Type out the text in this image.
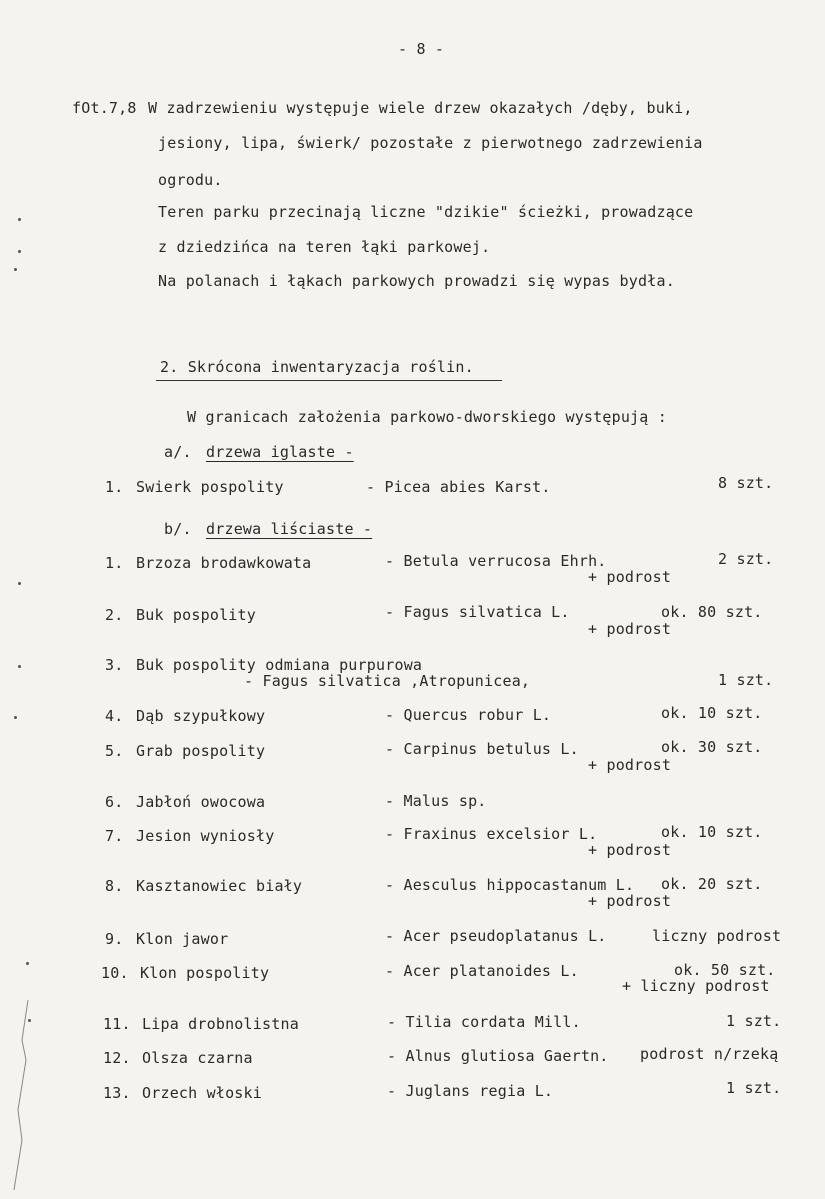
- 8 -
fOt.7,8 W zadrzewieniu występuje wiele drzew okazałych /dęby, buki,
jesiony, lipa, świerk/ pozostałe z pierwotnego zadrzewienia
ogrodu.
Teren parku przecinają liczne "dzikie" ścieżki, prowadzące
z dziedzińca na teren łąki parkowej.
Na polanach i łąkach parkowych prowadzi się wypas bydła.
2. Skrócona inwentaryzacja roślin.
W granicach założenia parkowo-dworskiego występują :
a/. drzewa iglaste -
1. Swierk pospolity	- Picea abies Karst.	8 szt.
b/. drzewa liściaste -
1. Brzoza brodawkowata	- Betula verrucosa Ehrh.	2 szt.
+ podrost
2. Buk pospolity	- Fagus silvatica L.	ok. 80 szt.
+ podrost
3. Buk pospolity odmiana purpurowa
- Fagus silvatica ,Atropunicea,	1 szt.
4. Dąb szypułkowy	- Quercus robur L.	ok. 10 szt.
5. Grab pospolity	- Carpinus betulus L.	ok. 30 szt.
+ podrost
6. Jabłoń owocowa	- Malus sp.
7. Jesion wyniosły	- Fraxinus excelsior L.	ok. 10 szt.
+ podrost
8. Kasztanowiec biały	- Aesculus hippocastanum L. ok. 20 szt.
+ podrost
9. Klon jawor	- Acer pseudoplatanus L.	liczny podrost
10. Klon pospolity	- Acer platanoides L.	ok. 50 szt.
+ liczny podrost
11. Lipa drobnolistna	- Tilia cordata Mill.	1 szt.
12. Olsza czarna	- Alnus glutiosa Gaertn. podrost n/rzeką
13. Orzech włoski	- Juglans regia L.	1 szt.
